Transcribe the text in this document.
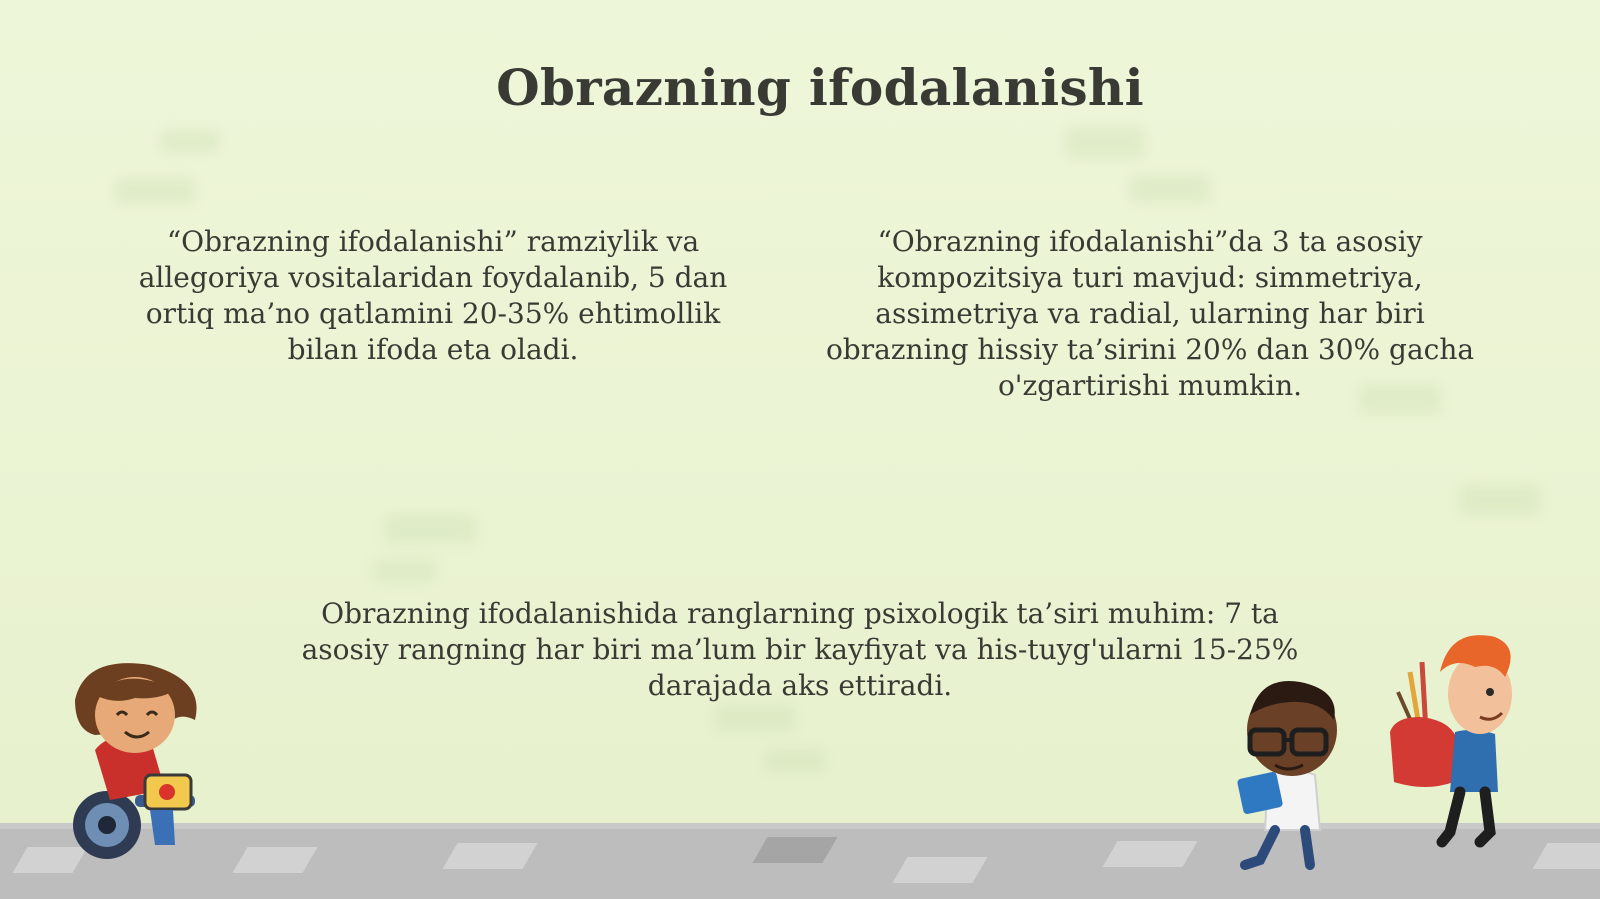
Obrazning ifodalanishi

“Obrazning ifodalanishi” ramziylik va allegoriya vositalaridan foydalanib, 5 dan ortiq ma’no qatlamini 20-35% ehtimollik bilan ifoda eta oladi.

“Obrazning ifodalanishi”da 3 ta asosiy kompozitsiya turi mavjud: simmetriya, assimetriya va radial, ularning har biri obrazning hissiy ta’sirini 20% dan 30% gacha o'zgartirishi mumkin.

Obrazning ifodalanishida ranglarning psixologik ta’siri muhim: 7 ta asosiy rangning har biri ma’lum bir kayfiyat va his-tuyg'ularni 15-25% darajada aks ettiradi.
